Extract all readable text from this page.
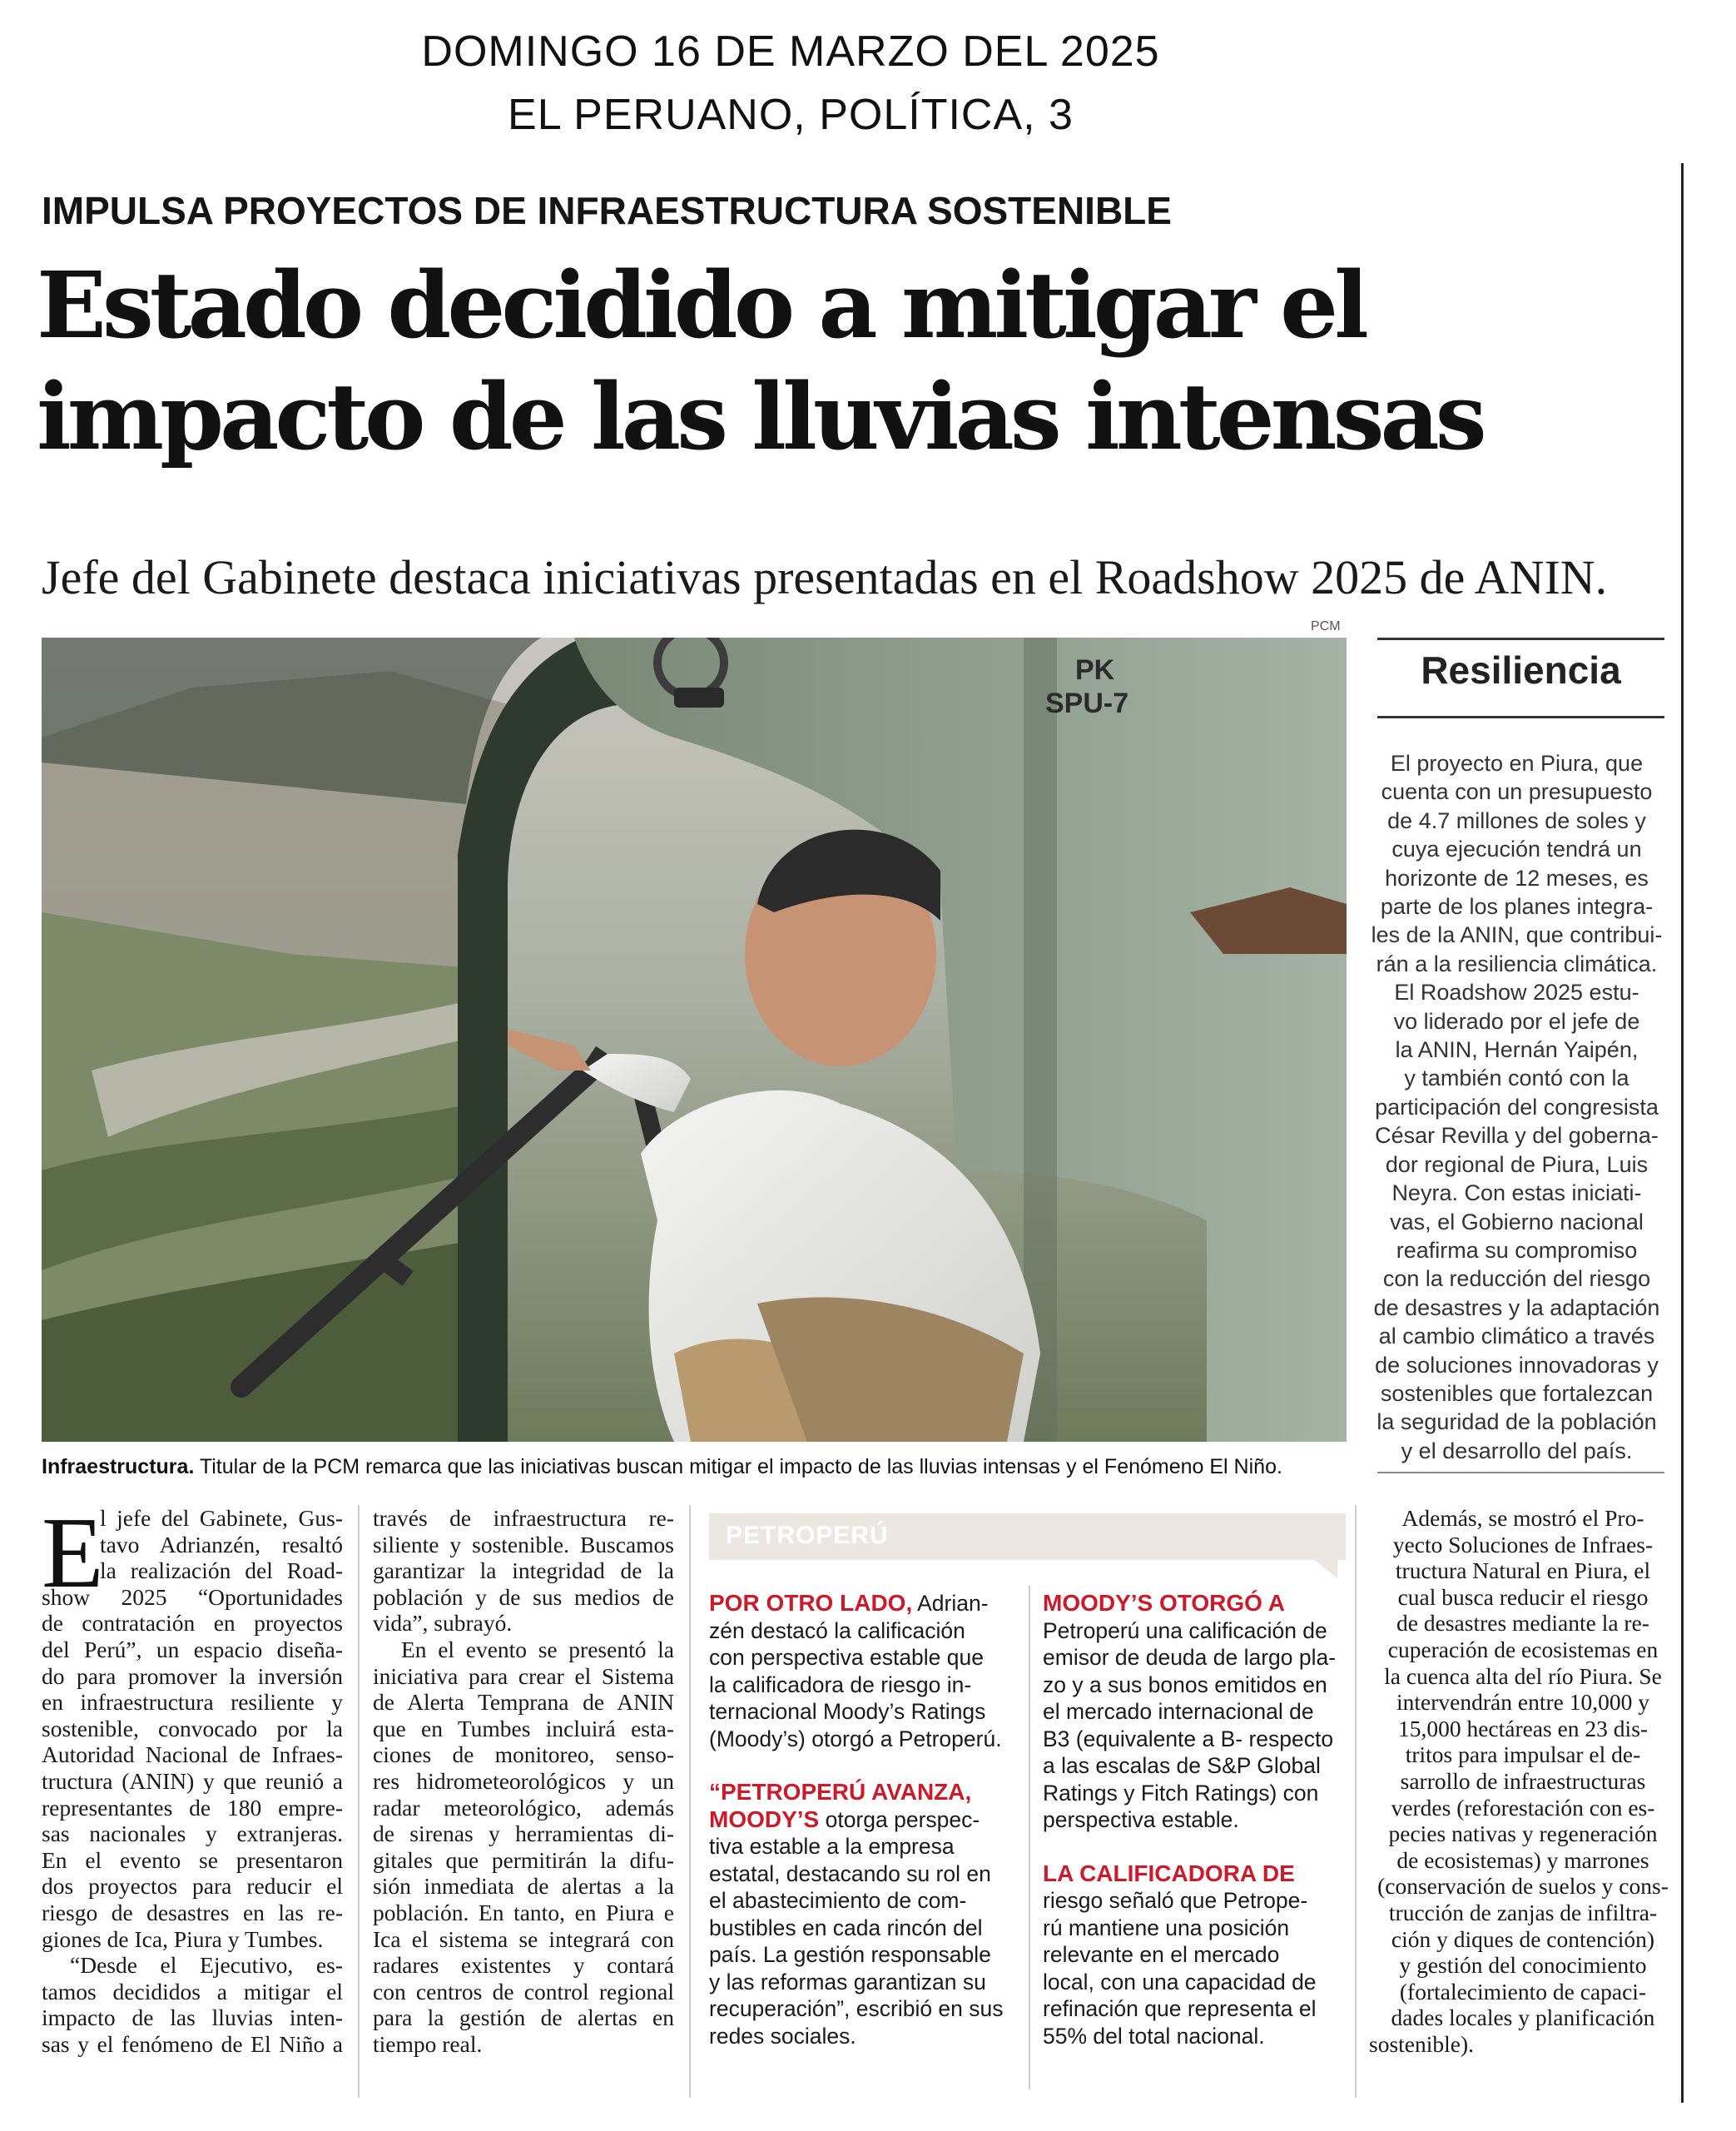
DOMINGO 16 DE MARZO DEL 2025
EL PERUANO, POLÍTICA, 3
IMPULSA PROYECTOS DE INFRAESTRUCTURA SOSTENIBLE
Estado decidido a mitigar el
impacto de las lluvias intensas
Jefe del Gabinete destaca iniciativas presentadas en el Roadshow 2025 de ANIN.
PCM
PK
SPU-7
Infraestructura. Titular de la PCM remarca que las iniciativas buscan mitigar el impacto de las lluvias intensas y el Fenómeno El Niño.
Resiliencia
El proyecto en Piura, que
cuenta con un presupuesto
de 4.7 millones de soles y
cuya ejecución tendrá un
horizonte de 12 meses, es
parte de los planes integra-
les de la ANIN, que contribui-
rán a la resiliencia climática.
El Roadshow 2025 estu-
vo liderado por el jefe de
la ANIN, Hernán Yaipén,
y también contó con la
participación del congresista
César Revilla y del goberna-
dor regional de Piura, Luis
Neyra. Con estas iniciati-
vas, el Gobierno nacional
reafirma su compromiso
con la reducción del riesgo
de desastres y la adaptación
al cambio climático a través
de soluciones innovadoras y
sostenibles que fortalezcan
la seguridad de la población
y el desarrollo del país.
E
l jefe del Gabinete, Gus-
tavo Adrianzén, resaltó
la realización del Road-
show 2025 “Oportunidades
de contratación en proyectos
del Perú”, un espacio diseña-
do para promover la inversión
en infraestructura resiliente y
sostenible, convocado por la
Autoridad Nacional de Infraes-
tructura (ANIN) y que reunió a
representantes de 180 empre-
sas nacionales y extranjeras.
En el evento se presentaron
dos proyectos para reducir el
riesgo de desastres en las re-
giones de Ica, Piura y Tumbes.
“Desde el Ejecutivo, es-
tamos decididos a mitigar el
impacto de las lluvias inten-
sas y el fenómeno de El Niño a
través de infraestructura re-
siliente y sostenible. Buscamos
garantizar la integridad de la
población y de sus medios de
vida”, subrayó.
En el evento se presentó la
iniciativa para crear el Sistema
de Alerta Temprana de ANIN
que en Tumbes incluirá esta-
ciones de monitoreo, senso-
res hidrometeorológicos y un
radar meteorológico, además
de sirenas y herramientas di-
gitales que permitirán la difu-
sión inmediata de alertas a la
población. En tanto, en Piura e
Ica el sistema se integrará con
radares existentes y contará
con centros de control regional
para la gestión de alertas en
tiempo real.
PETROPERÚ
POR OTRO LADO, Adrian-
zén destacó la calificación
con perspectiva estable que
la calificadora de riesgo in-
ternacional Moody’s Ratings
(Moody’s) otorgó a Petroperú.
“PETROPERÚ AVANZA,
MOODY’S otorga perspec-
tiva estable a la empresa
estatal, destacando su rol en
el abastecimiento de com-
bustibles en cada rincón del
país. La gestión responsable
y las reformas garantizan su
recuperación”, escribió en sus
redes sociales.
MOODY’S OTORGÓ A
Petroperú una calificación de
emisor de deuda de largo pla-
zo y a sus bonos emitidos en
el mercado internacional de
B3 (equivalente a B- respecto
a las escalas de S&P Global
Ratings y Fitch Ratings) con
perspectiva estable.
LA CALIFICADORA DE
riesgo señaló que Petrope-
rú mantiene una posición
relevante en el mercado
local, con una capacidad de
refinación que representa el
55% del total nacional.
Además, se mostró el Pro-
yecto Soluciones de Infraes-
tructura Natural en Piura, el
cual busca reducir el riesgo
de desastres mediante la re-
cuperación de ecosistemas en
la cuenca alta del río Piura. Se
intervendrán entre 10,000 y
15,000 hectáreas en 23 dis-
tritos para impulsar el de-
sarrollo de infraestructuras
verdes (reforestación con es-
pecies nativas y regeneración
de ecosistemas) y marrones
(conservación de suelos y cons-
trucción de zanjas de infiltra-
ción y diques de contención)
y gestión del conocimiento
(fortalecimiento de capaci-
dades locales y planificación
sostenible).
